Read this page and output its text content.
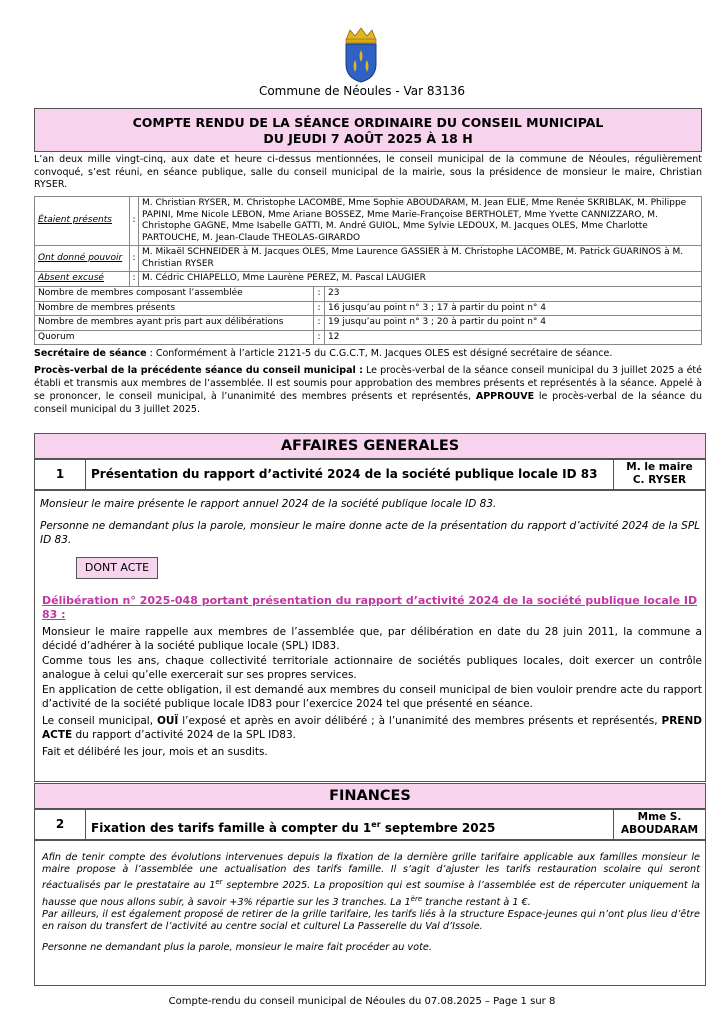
Commune de Néoules - Var 83136
COMPTE RENDU DE LA SÉANCE ORDINAIRE DU CONSEIL MUNICIPAL
DU JEUDI 7 AOÛT 2025 À 18 H
L’an deux mille vingt-cinq, aux date et heure ci-dessus mentionnées, le conseil municipal de la commune de Néoules, régulièrement convoqué, s’est réuni, en séance publique, salle du conseil municipal de la mairie, sous la présidence de monsieur le maire, Christian RYSER.
Étaient présents	:	M. Christian RYSER, M. Christophe LACOMBE, Mme Sophie ABOUDARAM, M. Jean ELIE, Mme Renée SKRIBLAK, M. Philippe PAPINI, Mme Nicole LEBON, Mme Ariane BOSSEZ, Mme Marie-Françoise BERTHOLET, Mme Yvette CANNIZZARO, M. Christophe GAGNE, Mme Isabelle GATTI, M. André GUIOL, Mme Sylvie LEDOUX, M. Jacques OLES, Mme Charlotte PARTOUCHE, M. Jean-Claude THEOLAS-GIRARDO
Ont donné pouvoir	:	M. Mikaël SCHNEIDER à M. Jacques OLES, Mme Laurence GASSIER à M. Christophe LACOMBE, M. Patrick GUARINOS à M. Christian RYSER
Absent excusé	:	M. Cédric CHIAPELLO, Mme Laurène PEREZ, M. Pascal LAUGIER
Nombre de membres composant l’assemblée	:	23
Nombre de membres présents	:	16 jusqu’au point n° 3 ; 17 à partir du point n° 4
Nombre de membres ayant pris part aux délibérations	:	19 jusqu’au point n° 3 ; 20 à partir du point n° 4
Quorum	:	12
Secrétaire de séance : Conformément à l’article 2121-5 du C.G.C.T, M. Jacques OLES est désigné secrétaire de séance.
Procès-verbal de la précédente séance du conseil municipal : Le procès-verbal de la séance conseil municipal du 3 juillet 2025 a été établi et transmis aux membres de l’assemblée. Il est soumis pour approbation des membres présents et représentés à la séance. Appelé à se prononcer, le conseil municipal, à l’unanimité des membres présents et représentés, APPROUVE le procès-verbal de la séance du conseil municipal du 3 juillet 2025.
AFFAIRES GENERALES
1	Présentation du rapport d’activité 2024 de la société publique locale ID 83	M. le maire
C. RYSER
Monsieur le maire présente le rapport annuel 2024 de la société publique locale ID 83.
Personne ne demandant plus la parole, monsieur le maire donne acte de la présentation du rapport d’activité 2024 de la SPL ID 83.
DONT ACTE
Délibération n° 2025-048 portant présentation du rapport d’activité 2024 de la société publique locale ID 83 :
Monsieur le maire rappelle aux membres de l’assemblée que, par délibération en date du 28 juin 2011, la commune a décidé d’adhérer à la société publique locale (SPL) ID83.
Comme tous les ans, chaque collectivité territoriale actionnaire de sociétés publiques locales, doit exercer un contrôle analogue à celui qu’elle exercerait sur ses propres services.
En application de cette obligation, il est demandé aux membres du conseil municipal de bien vouloir prendre acte du rapport d’activité de la société publique locale ID83 pour l’exercice 2024 tel que présenté en séance.
Le conseil municipal, OUÏ l’exposé et après en avoir délibéré ; à l’unanimité des membres présents et représentés, PREND ACTE du rapport d’activité 2024 de la SPL ID83.
Fait et délibéré les jour, mois et an susdits.
FINANCES
2	Fixation des tarifs famille à compter du 1er septembre 2025
Mme S.
ABOUDARAM
Afin de tenir compte des évolutions intervenues depuis la fixation de la dernière grille tarifaire applicable aux familles monsieur le maire propose à l’assemblée une actualisation des tarifs famille. Il s’agit d’ajuster les tarifs restauration scolaire qui seront réactualisés par le prestataire au 1er septembre 2025. La proposition qui est soumise à l’assemblée est de répercuter uniquement la hausse que nous allons subir, à savoir +3% répartie sur les 3 tranches. La 1ère tranche restant à 1 €.
Par ailleurs, il est également proposé de retirer de la grille tarifaire, les tarifs liés à la structure Espace-jeunes qui n’ont plus lieu d’être en raison du transfert de l’activité au centre social et culturel La Passerelle du Val d’Issole.
Personne ne demandant plus la parole, monsieur le maire fait procéder au vote.
Compte-rendu du conseil municipal de Néoules du 07.08.2025 – Page 1 sur 8
